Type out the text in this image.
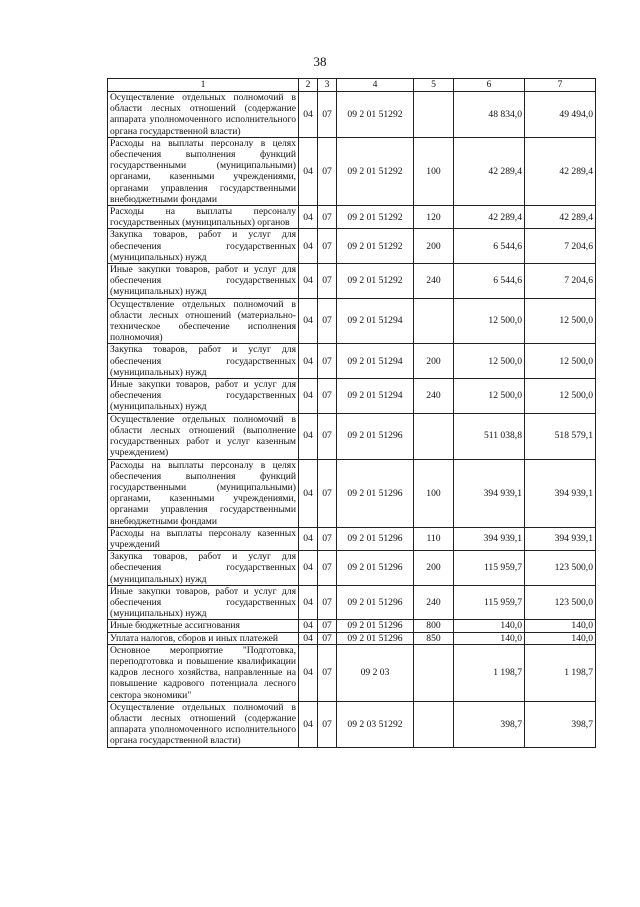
38
1	2	3	4	5	6	7
Осуществление отдельных полномочий в области лесных отношений (содержание аппарата уполномоченного исполнительного органа государственной власти)	04	07	09 2 01 51292		48 834,0	49 494,0
Расходы на выплаты персоналу в целях обеспечения выполнения функций государственными (муниципальными) органами, казенными учреждениями, органами управления государственными внебюджетными фондами	04	07	09 2 01 51292	100	42 289,4	42 289,4
Расходы на выплаты персоналу государственных (муниципальных) органов	04	07	09 2 01 51292	120	42 289,4	42 289,4
Закупка товаров, работ и услуг для обеспечения государственных (муниципальных) нужд	04	07	09 2 01 51292	200	6 544,6	7 204,6
Иные закупки товаров, работ и услуг для обеспечения государственных (муниципальных) нужд	04	07	09 2 01 51292	240	6 544,6	7 204,6
Осуществление отдельных полномочий в области лесных отношений (материально-техническое обеспечение исполнения полномочия)	04	07	09 2 01 51294		12 500,0	12 500,0
Закупка товаров, работ и услуг для обеспечения государственных (муниципальных) нужд	04	07	09 2 01 51294	200	12 500,0	12 500,0
Иные закупки товаров, работ и услуг для обеспечения государственных (муниципальных) нужд	04	07	09 2 01 51294	240	12 500,0	12 500,0
Осуществление отдельных полномочий в области лесных отношений (выполнение государственных работ и услуг казенным учреждением)	04	07	09 2 01 51296		511 038,8	518 579,1
Расходы на выплаты персоналу в целях обеспечения выполнения функций государственными (муниципальными) органами, казенными учреждениями, органами управления государственными внебюджетными фондами	04	07	09 2 01 51296	100	394 939,1	394 939,1
Расходы на выплаты персоналу казенных учреждений	04	07	09 2 01 51296	110	394 939,1	394 939,1
Закупка товаров, работ и услуг для обеспечения государственных (муниципальных) нужд	04	07	09 2 01 51296	200	115 959,7	123 500,0
Иные закупки товаров, работ и услуг для обеспечения государственных (муниципальных) нужд	04	07	09 2 01 51296	240	115 959,7	123 500,0
Иные бюджетные ассигнования	04	07	09 2 01 51296	800	140,0	140,0
Уплата налогов, сборов и иных платежей	04	07	09 2 01 51296	850	140,0	140,0
Основное мероприятие "Подготовка, переподготовка и повышение квалификации кадров лесного хозяйства, направленные на повышение кадрового потенциала лесного сектора экономики"	04	07	09 2 03		1 198,7	1 198,7
Осуществление отдельных полномочий в области лесных отношений (содержание аппарата уполномоченного исполнительного органа государственной власти)	04	07	09 2 03 51292		398,7	398,7
